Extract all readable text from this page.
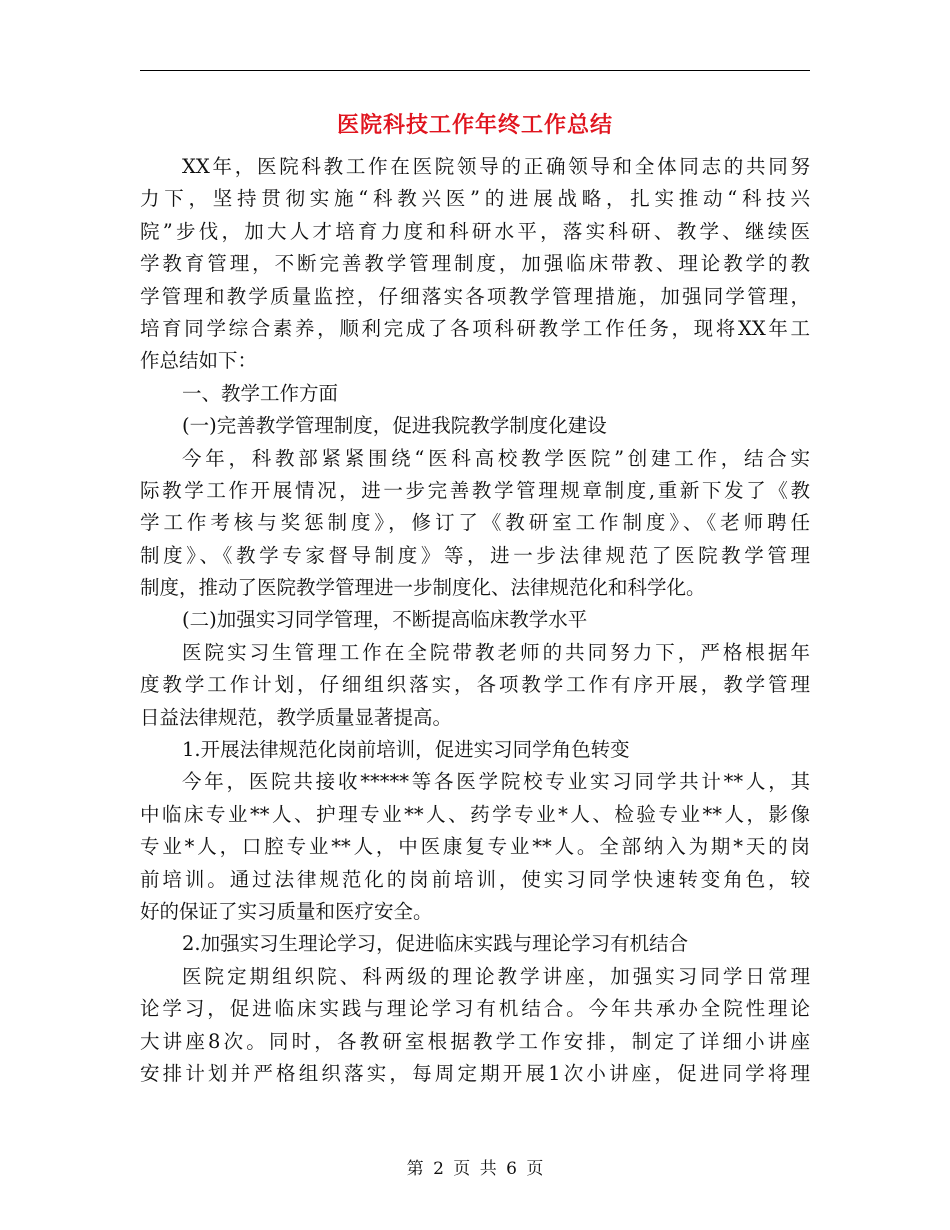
医院科技工作年终工作总结
XX年，医院科教工作在医院领导的正确领导和全体同志的共同努
力下，坚持贯彻实施“科教兴医”的进展战略，扎实推动“科技兴
院”步伐，加大人才培育力度和科研水平，落实科研、教学、继续医
学教育管理，不断完善教学管理制度，加强临床带教、理论教学的教
学管理和教学质量监控，仔细落实各项教学管理措施，加强同学管理，
培育同学综合素养，顺利完成了各项科研教学工作任务，现将XX年工
作总结如下：
一、教学工作方面
(一)完善教学管理制度，促进我院教学制度化建设
今年，科教部紧紧围绕“医科高校教学医院”创建工作，结合实
际教学工作开展情况，进一步完善教学管理规章制度,重新下发了《教
学工作考核与奖惩制度》，修订了《教研室工作制度》、《老师聘任
制度》、《教学专家督导制度》等，进一步法律规范了医院教学管理
制度，推动了医院教学管理进一步制度化、法律规范化和科学化。
(二)加强实习同学管理，不断提高临床教学水平
医院实习生管理工作在全院带教老师的共同努力下，严格根据年
度教学工作计划，仔细组织落实，各项教学工作有序开展，教学管理
日益法律规范，教学质量显著提高。
1.开展法律规范化岗前培训，促进实习同学角色转变
今年，医院共接收*****等各医学院校专业实习同学共计**人，其
中临床专业**人、护理专业**人、药学专业*人、检验专业**人，影像
专业*人，口腔专业**人，中医康复专业**人。全部纳入为期*天的岗
前培训。通过法律规范化的岗前培训，使实习同学快速转变角色，较
好的保证了实习质量和医疗安全。
2.加强实习生理论学习，促进临床实践与理论学习有机结合
医院定期组织院、科两级的理论教学讲座，加强实习同学日常理
论学习，促进临床实践与理论学习有机结合。今年共承办全院性理论
大讲座8次。同时，各教研室根据教学工作安排，制定了详细小讲座
安排计划并严格组织落实，每周定期开展1次小讲座，促进同学将理
第 2 页 共 6 页
